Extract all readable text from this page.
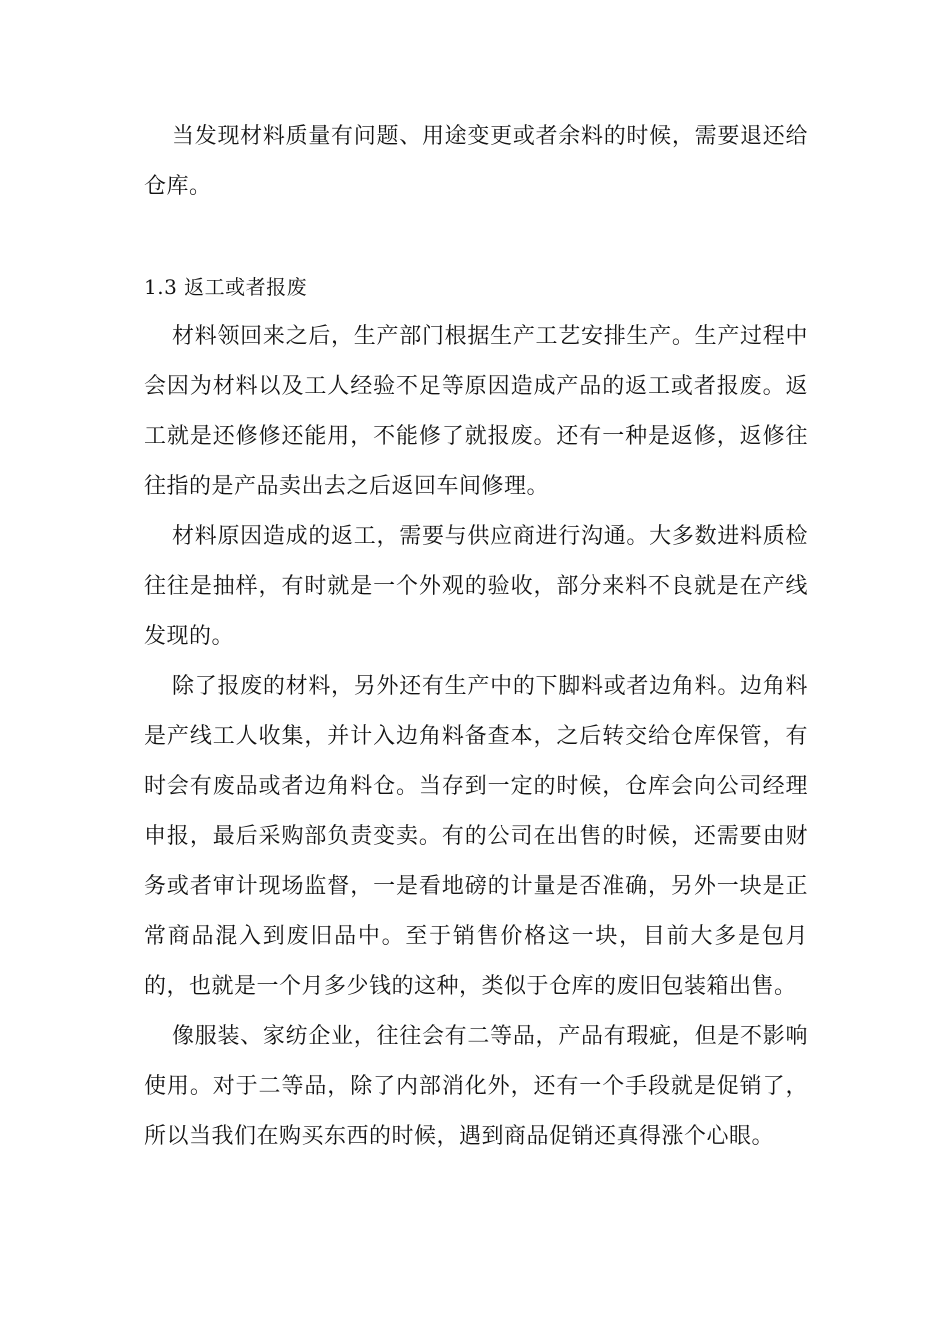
当发现材料质量有问题、用途变更或者余料的时候，需要退还给仓库。

1.3 返工或者报废

材料领回来之后，生产部门根据生产工艺安排生产。生产过程中会因为材料以及工人经验不足等原因造成产品的返工或者报废。返工就是还修修还能用，不能修了就报废。还有一种是返修，返修往往指的是产品卖出去之后返回车间修理。

材料原因造成的返工，需要与供应商进行沟通。大多数进料质检往往是抽样，有时就是一个外观的验收，部分来料不良就是在产线发现的。

除了报废的材料，另外还有生产中的下脚料或者边角料。边角料是产线工人收集，并计入边角料备查本，之后转交给仓库保管，有时会有废品或者边角料仓。当存到一定的时候，仓库会向公司经理申报，最后采购部负责变卖。有的公司在出售的时候，还需要由财务或者审计现场监督，一是看地磅的计量是否准确，另外一块是正常商品混入到废旧品中。至于销售价格这一块，目前大多是包月的，也就是一个月多少钱的这种，类似于仓库的废旧包装箱出售。

像服装、家纺企业，往往会有二等品，产品有瑕疵，但是不影响使用。对于二等品，除了内部消化外，还有一个手段就是促销了，所以当我们在购买东西的时候，遇到商品促销还真得涨个心眼。
